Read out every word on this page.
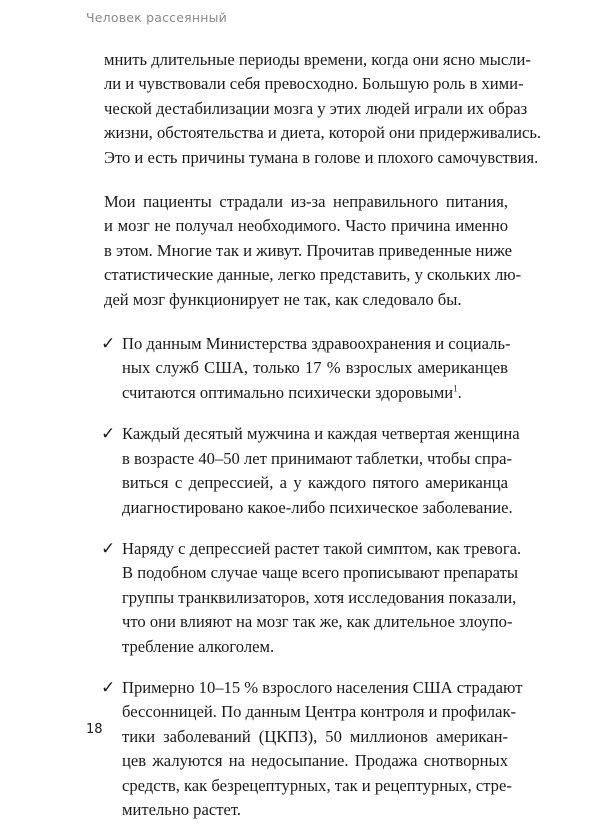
Человек рассеянный

мнить длительные периоды времени, когда они ясно мысли-
ли и чувствовали себя превосходно. Большую роль в хими-
ческой дестабилизации мозга у этих людей играли их образ
жизни, обстоятельства и диета, которой они придерживались.
Это и есть причины тумана в голове и плохого самочувствия.

Мои пациенты страдали из-за неправильного питания,
и мозг не получал необходимого. Часто причина именно
в этом. Многие так и живут. Прочитав приведенные ниже
статистические данные, легко представить, у скольких лю-
дей мозг функционирует не так, как следовало бы.

✓ По данным Министерства здравоохранения и социаль-
ных служб США, только 17 % взрослых американцев
считаются оптимально психически здоровыми$^1$.
✓ Каждый десятый мужчина и каждая четвертая женщина
в возрасте 40–50 лет принимают таблетки, чтобы спра-
виться с депрессией, а у каждого пятого американца
диагностировано какое-либо психическое заболевание.
✓ Наряду с депрессией растет такой симптом, как тревога.
В подобном случае чаще всего прописывают препараты
группы транквилизаторов, хотя исследования показали,
что они влияют на мозг так же, как длительное злоупо-
требление алкоголем.
✓ Примерно 10–15 % взрослого населения США страдают
бессонницей. По данным Центра контроля и профилак-
тики заболеваний (ЦКПЗ), 50 миллионов американ-
цев жалуются на недосыпание. Продажа снотворных
средств, как безрецептурных, так и рецептурных, стре-
мительно растет.
18
